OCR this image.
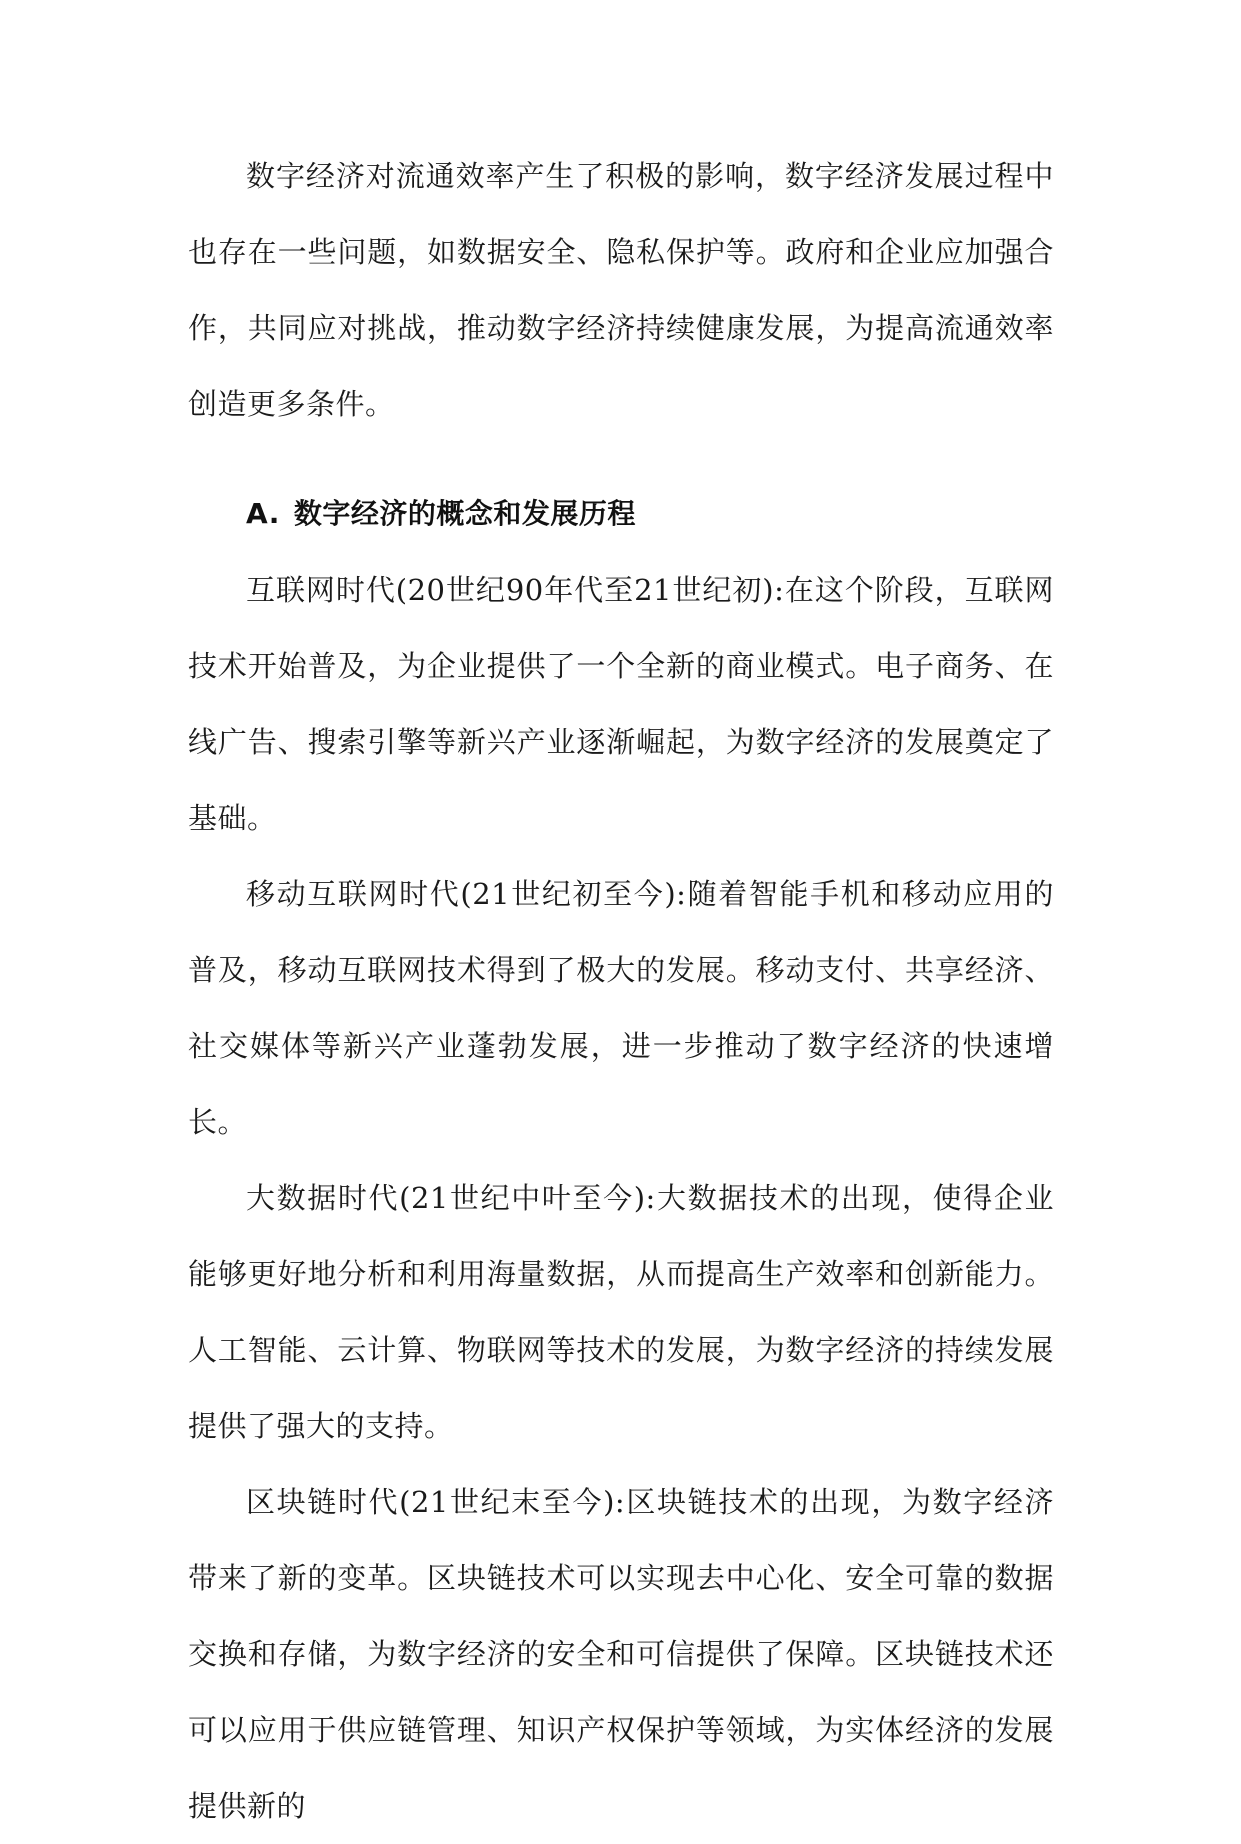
数字经济对流通效率产生了积极的影响，数字经济发展过程中也存在一些问题，如数据安全、隐私保护等。政府和企业应加强合作，共同应对挑战，推动数字经济持续健康发展，为提高流通效率创造更多条件。

A. 数字经济的概念和发展历程

互联网时代(20世纪90年代至21世纪初):在这个阶段，互联网技术开始普及，为企业提供了一个全新的商业模式。电子商务、在线广告、搜索引擎等新兴产业逐渐崛起，为数字经济的发展奠定了基础。

移动互联网时代(21世纪初至今):随着智能手机和移动应用的普及，移动互联网技术得到了极大的发展。移动支付、共享经济、社交媒体等新兴产业蓬勃发展，进一步推动了数字经济的快速增长。

大数据时代(21世纪中叶至今):大数据技术的出现，使得企业能够更好地分析和利用海量数据，从而提高生产效率和创新能力。人工智能、云计算、物联网等技术的发展，为数字经济的持续发展提供了强大的支持。

区块链时代(21世纪末至今):区块链技术的出现，为数字经济带来了新的变革。区块链技术可以实现去中心化、安全可靠的数据交换和存储，为数字经济的安全和可信提供了保障。区块链技术还可以应用于供应链管理、知识产权保护等领域，为实体经济的发展提供新的
